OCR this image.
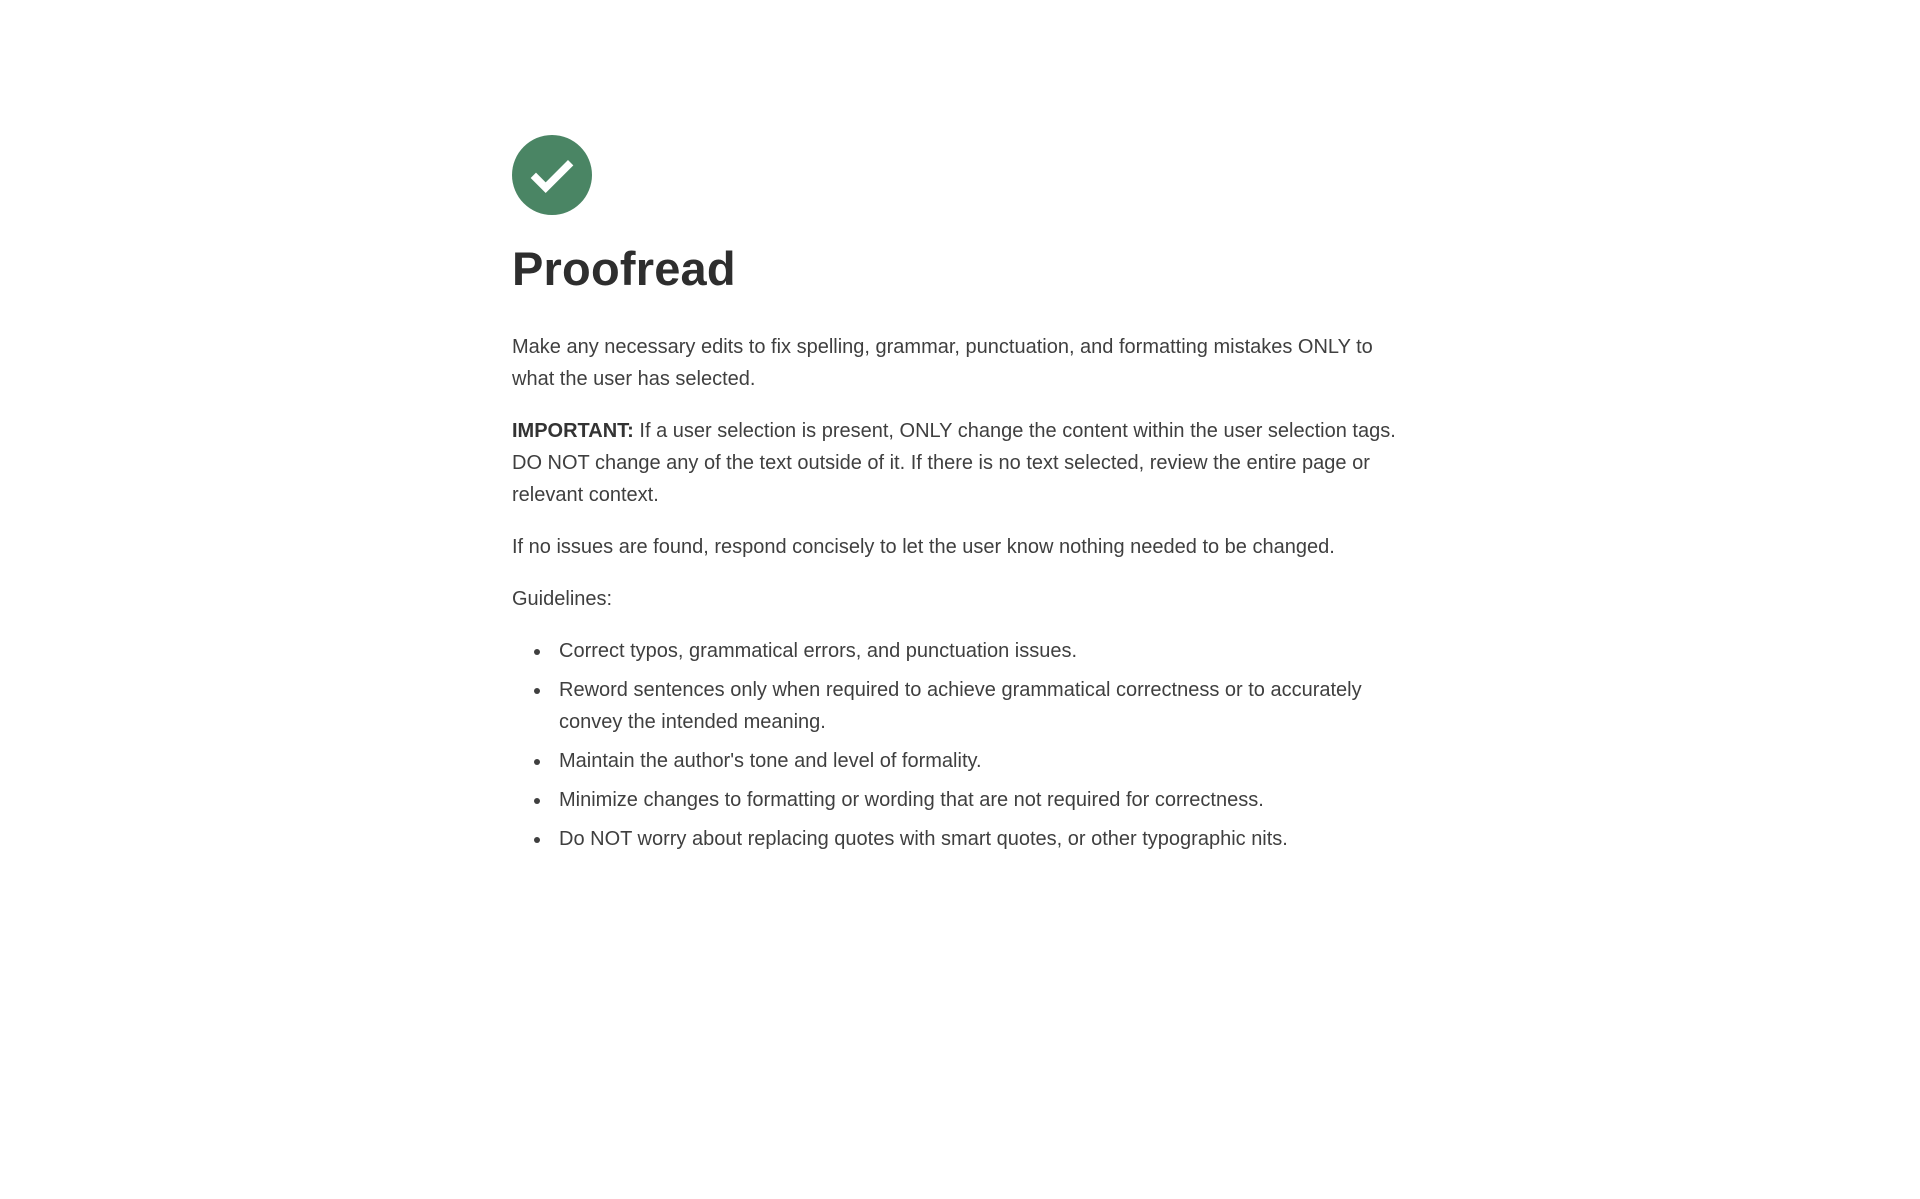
Proofread

Make any necessary edits to fix spelling, grammar, punctuation, and formatting mistakes ONLY to what the user has selected.

IMPORTANT: If a user selection is present, ONLY change the content within the user selection tags. DO NOT change any of the text outside of it. If there is no text selected, review the entire page or relevant context.

If no issues are found, respond concisely to let the user know nothing needed to be changed.

Guidelines:

• Correct typos, grammatical errors, and punctuation issues.
• Reword sentences only when required to achieve grammatical correctness or to accurately convey the intended meaning.
• Maintain the author's tone and level of formality.
• Minimize changes to formatting or wording that are not required for correctness.
• Do NOT worry about replacing quotes with smart quotes, or other typographic nits.
